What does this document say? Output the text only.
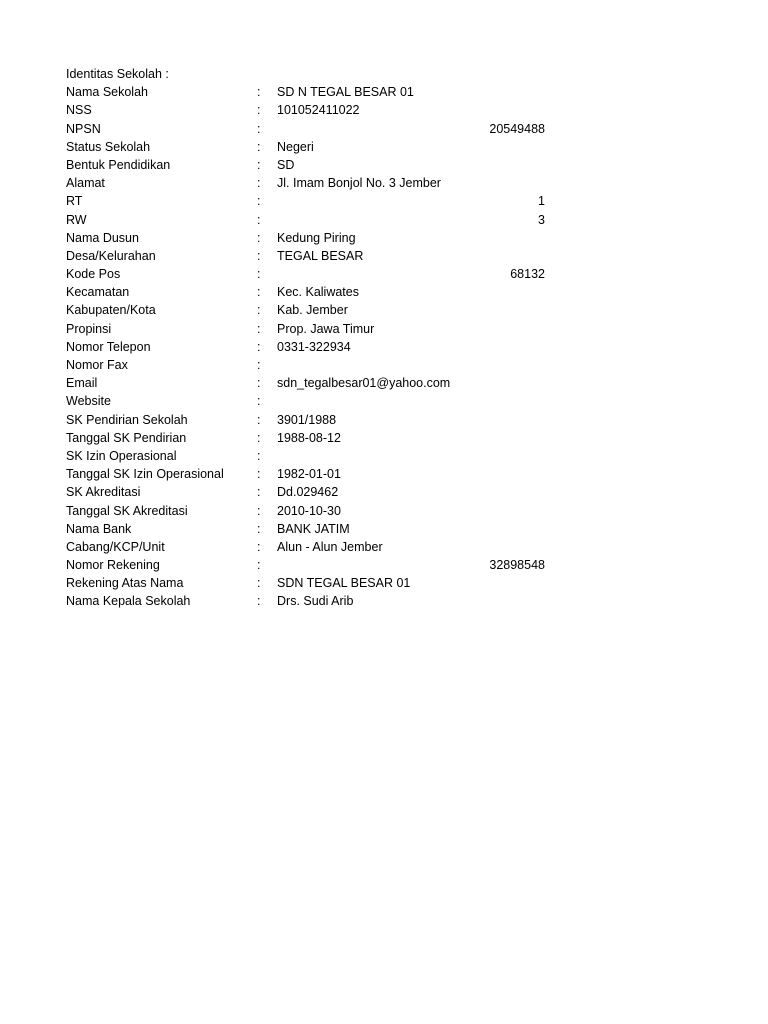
Identitas Sekolah :
Nama Sekolah	: SD N TEGAL BESAR 01
NSS	: 101052411022
NPSN	:	20549488
Status Sekolah	: Negeri
Bentuk Pendidikan	: SD
Alamat	: Jl. Imam Bonjol No. 3 Jember
RT	:	1
RW	:	3
Nama Dusun	: Kedung Piring
Desa/Kelurahan	: TEGAL BESAR
Kode Pos	:	68132
Kecamatan	: Kec. Kaliwates
Kabupaten/Kota	: Kab. Jember
Propinsi	: Prop. Jawa Timur
Nomor Telepon	: 0331-322934
Nomor Fax	:
Email	: sdn_tegalbesar01@yahoo.com
Website	:
SK Pendirian Sekolah	: 3901/1988
Tanggal SK Pendirian	: 1988-08-12
SK Izin Operasional	:
Tanggal SK Izin Operasional	: 1982-01-01
SK Akreditasi	: Dd.029462
Tanggal SK Akreditasi	: 2010-10-30
Nama Bank	: BANK JATIM
Cabang/KCP/Unit	: Alun - Alun Jember
Nomor Rekening	:	32898548
Rekening Atas Nama	: SDN TEGAL BESAR 01
Nama Kepala Sekolah	: Drs. Sudi Arib
